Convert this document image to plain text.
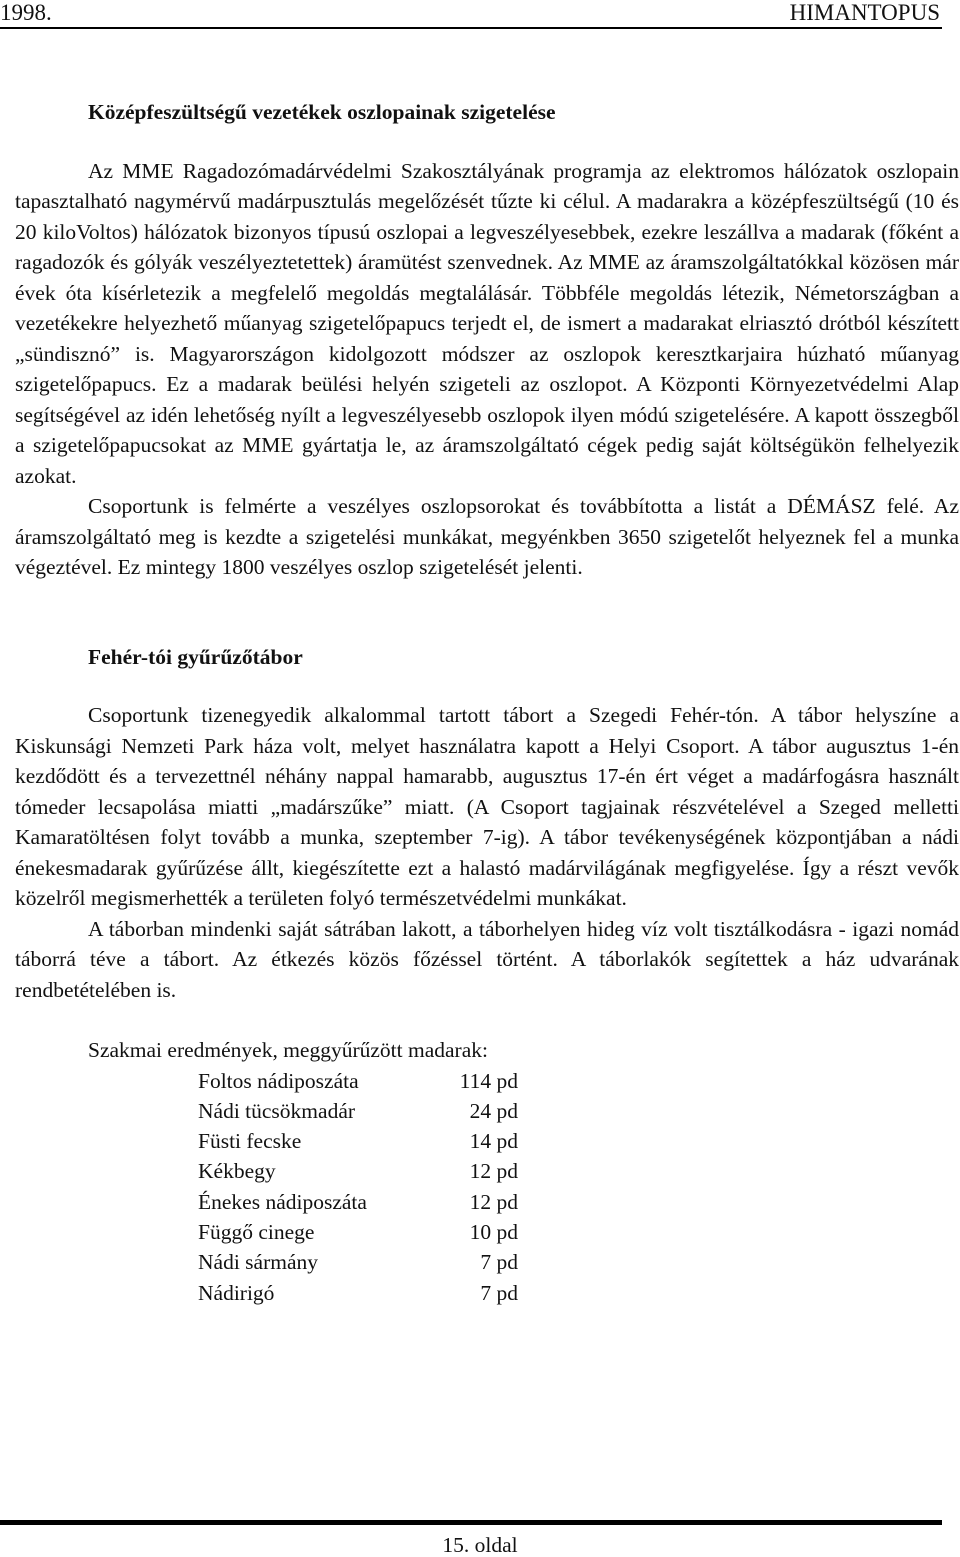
1998.	HIMANTOPUS
Középfeszültségű vezetékek oszlopainak szigetelése

Az MME Ragadozómadárvédelmi Szakosztályának programja az elektromos hálózatok oszlopain tapasztalható nagymérvű madárpusztulás megelőzését tűzte ki célul. A madarakra a középfeszültségű (10 és 20 kiloVoltos) hálózatok bizonyos típusú oszlopai a legveszélyesebbek, ezekre leszállva a madarak (főként a ragadozók és gólyák veszélyeztetettek) áramütést szenvednek. Az MME az áramszolgáltatókkal közösen már évek óta kísérletezik a megfelelő megoldás megtalálásár. Többféle megoldás létezik, Németországban a vezetékekre helyezhető műanyag szigetelőpapucs terjedt el, de ismert a madarakat elriasztó drótból készített „sündisznó” is. Magyarországon kidolgozott módszer az oszlopok keresztkarjaira húzható műanyag szigetelőpapucs. Ez a madarak beülési helyén szigeteli az oszlopot. A Központi Környezetvédelmi Alap segítségével az idén lehetőség nyílt a legveszélyesebb oszlopok ilyen módú szigetelésére. A kapott összegből a szigetelőpapucsokat az MME gyártatja le, az áramszolgáltató cégek pedig saját költségükön felhelyezik azokat.

Csoportunk is felmérte a veszélyes oszlopsorokat és továbbította a listát a DÉMÁSZ felé. Az áramszolgáltató meg is kezdte a szigetelési munkákat, megyénkben 3650 szigetelőt helyeznek fel a munka végeztével. Ez mintegy 1800 veszélyes oszlop szigetelését jelenti.

Fehér-tói gyűrűzőtábor

Csoportunk tizenegyedik alkalommal tartott tábort a Szegedi Fehér-tón. A tábor helyszíne a Kiskunsági Nemzeti Park háza volt, melyet használatra kapott a Helyi Csoport. A tábor augusztus 1-én kezdődött és a tervezettnél néhány nappal hamarabb, augusztus 17-én ért véget a madárfogásra használt tómeder lecsapolása miatti „madárszűke” miatt. (A Csoport tagjainak részvételével a Szeged melletti Kamaratöltésen folyt tovább a munka, szeptember 7-ig). A tábor tevékenységének központjában a nádi énekesmadarak gyűrűzése állt, kiegészítette ezt a halastó madárvilágának megfigyelése. Így a részt vevők közelről megismerhették a területen folyó természetvédelmi munkákat.

A táborban mindenki saját sátrában lakott, a táborhelyen hideg víz volt tisztálkodásra - igazi nomád táborrá téve a tábort. Az étkezés közös főzéssel történt. A táborlakók segítettek a ház udvarának rendbetételében is.

Szakmai eredmények, meggyűrűzött madarak:
Foltos nádiposzáta	114 pd
Nádi tücsökmadár	24 pd
Füsti fecske	14 pd
Kékbegy	12 pd
Énekes nádiposzáta	12 pd
Függő cinege	10 pd
Nádi sármány	7 pd
Nádirigó	7 pd
15. oldal
